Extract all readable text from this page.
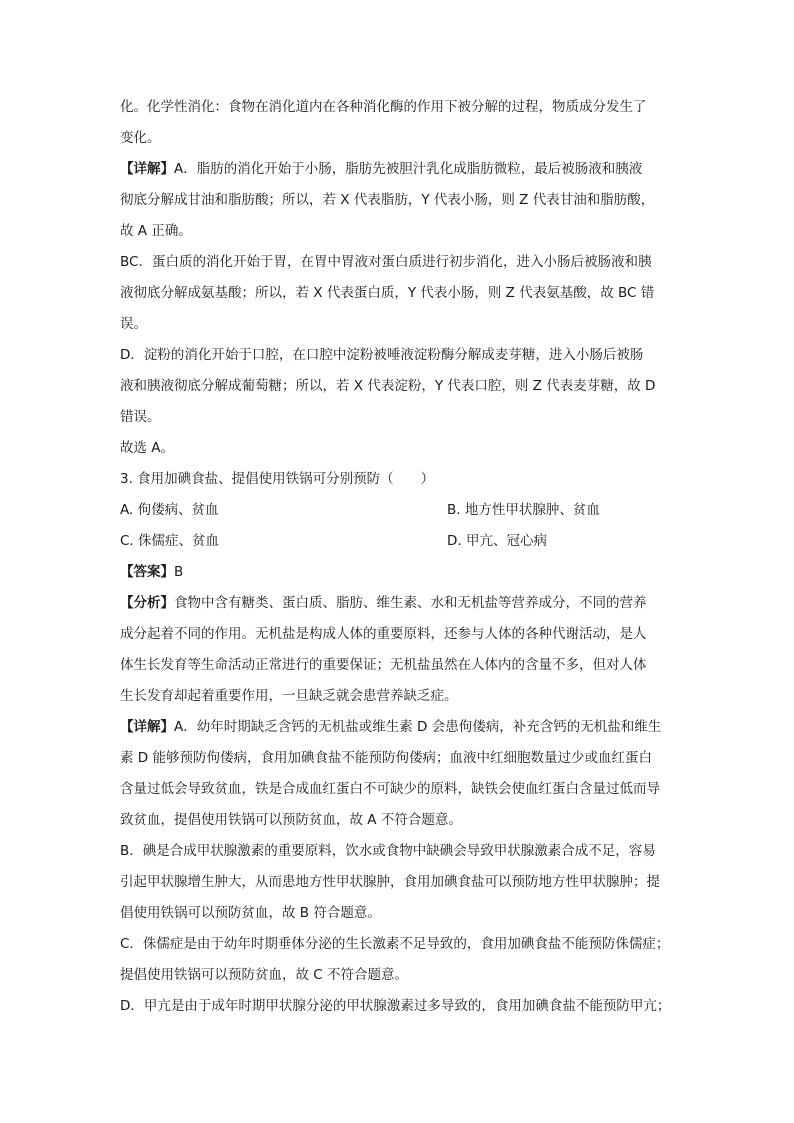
化。化学性消化：食物在消化道内在各种消化酶的作用下被分解的过程，物质成分发生了

变化。

【详解】A．脂肪的消化开始于小肠，脂肪先被胆汁乳化成脂肪微粒，最后被肠液和胰液

彻底分解成甘油和脂肪酸；所以，若 X 代表脂肪，Y 代表小肠，则 Z 代表甘油和脂肪酸，

故 A 正确。

BC．蛋白质的消化开始于胃，在胃中胃液对蛋白质进行初步消化，进入小肠后被肠液和胰

液彻底分解成氨基酸；所以，若 X 代表蛋白质，Y 代表小肠，则 Z 代表氨基酸，故 BC 错

误。

D．淀粉的消化开始于口腔，在口腔中淀粉被唾液淀粉酶分解成麦芽糖，进入小肠后被肠

液和胰液彻底分解成葡萄糖；所以，若 X 代表淀粉，Y 代表口腔，则 Z 代表麦芽糖，故 D

错误。

故选 A。

3. 食用加碘食盐、提倡使用铁锅可分别预防（　　）

A. 佝偻病、贫血	B. 地方性甲状腺肿、贫血
C. 侏儒症、贫血	D. 甲亢、冠心病

【答案】B

【分析】食物中含有糖类、蛋白质、脂肪、维生素、水和无机盐等营养成分，不同的营养

成分起着不同的作用。无机盐是构成人体的重要原料，还参与人体的各种代谢活动，是人

体生长发育等生命活动正常进行的重要保证；无机盐虽然在人体内的含量不多，但对人体

生长发育却起着重要作用，一旦缺乏就会患营养缺乏症。

【详解】A．幼年时期缺乏含钙的无机盐或维生素 D 会患佝偻病，补充含钙的无机盐和维生

素 D 能够预防佝偻病，食用加碘食盐不能预防佝偻病；血液中红细胞数量过少或血红蛋白

含量过低会导致贫血，铁是合成血红蛋白不可缺少的原料，缺铁会使血红蛋白含量过低而导

致贫血，提倡使用铁锅可以预防贫血，故 A 不符合题意。

B．碘是合成甲状腺激素的重要原料，饮水或食物中缺碘会导致甲状腺激素合成不足，容易

引起甲状腺增生肿大，从而患地方性甲状腺肿，食用加碘食盐可以预防地方性甲状腺肿；提

倡使用铁锅可以预防贫血，故 B 符合题意。

C．侏儒症是由于幼年时期垂体分泌的生长激素不足导致的，食用加碘食盐不能预防侏儒症；

提倡使用铁锅可以预防贫血，故 C 不符合题意。

D．甲亢是由于成年时期甲状腺分泌的甲状腺激素过多导致的，食用加碘食盐不能预防甲亢；
